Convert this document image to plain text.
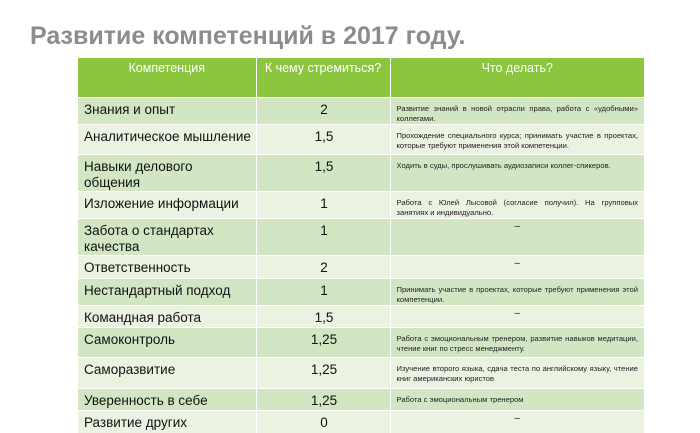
Развитие компетенций в 2017 году.
Компетенция	К чему стремиться?	Что делать?
Знания и опыт	2	Развитие знаний в новой отрасли права, работа с «удобными» коллегами.
Аналитическое мышление	1,5	Прохождение специального курса; принимать участие в проектах, которые требуют применения этой компетенции.
Навыки делового общения	1,5	Ходить в суды, прослушивать аудиозаписи коллег-спикеров.
Изложение информации	1	Работа с Юлей Лысовой (согласие получил). На групповых занятиях и индивидуально.
Забота о стандартах качества	1	–
Ответственность	2	–
Нестандартный подход	1	Принимать участие в проектах, которые требуют применения этой компетенции.
Командная работа	1,5	–
Самоконтроль	1,25	Работа с эмоциональным тренером, развитие навыков медитации, чтение книг по стресс менеджменту.
Саморазвитие	1,25	Изучение второго языка, сдача теста по английскому языку, чтение книг американских юристов
Уверенность в себе	1,25	Работа с эмоциональным тренером
Развитие других	0	–
